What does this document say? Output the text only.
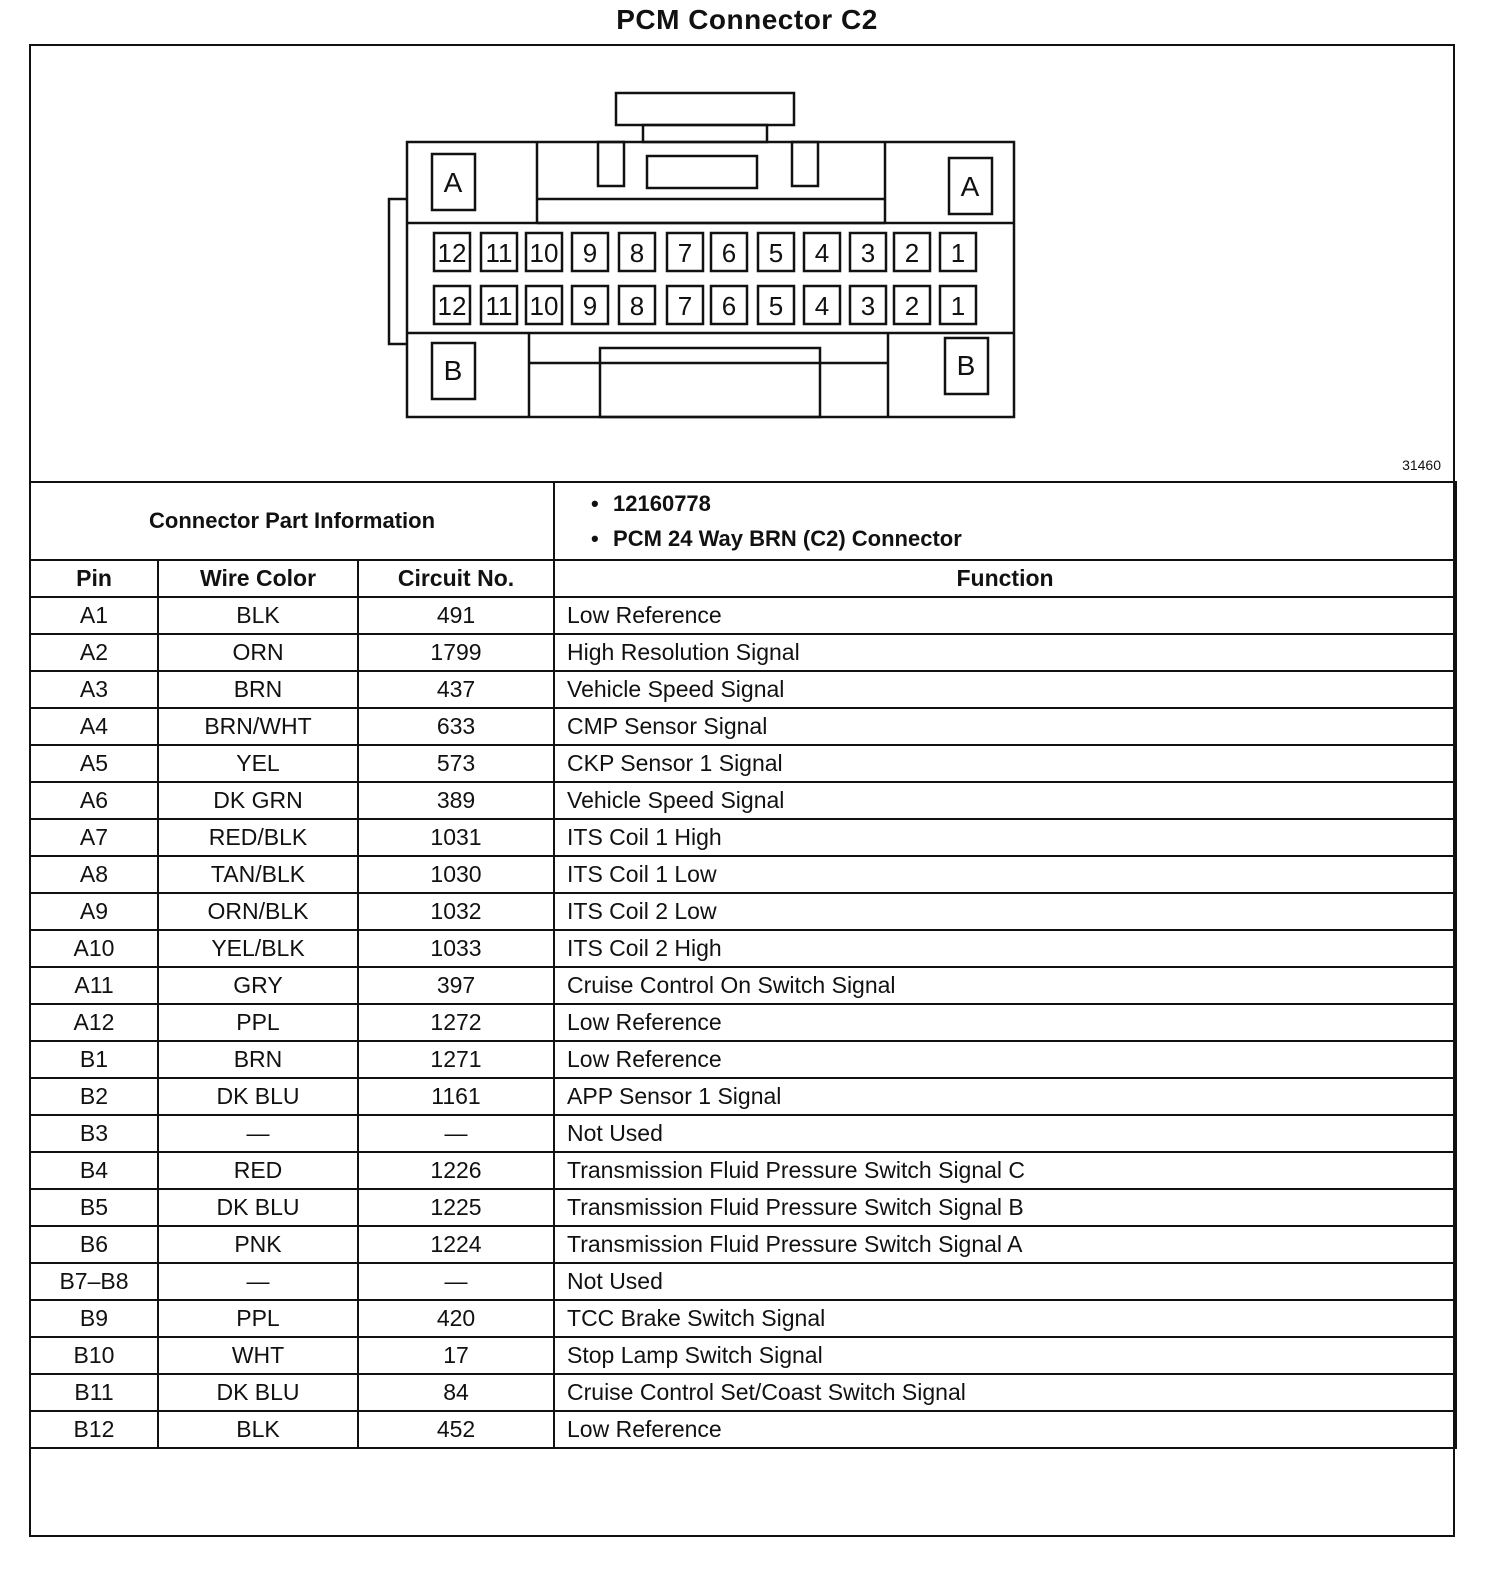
PCM Connector C2
A	A
B	B
12 11 10 9 8 7 6 5 4 3 2 1
12 11 10 9 8 7 6 5 4 3 2 1
31460
Connector Part Information			• 12160778
• PCM 24 Way BRN (C2) Connector

Pin	Wire Color	Circuit No.	Function
A1	BLK	491	Low Reference
A2	ORN	1799	High Resolution Signal
A3	BRN	437	Vehicle Speed Signal
A4	BRN/WHT	633	CMP Sensor Signal
A5	YEL	573	CKP Sensor 1 Signal
A6	DK GRN	389	Vehicle Speed Signal
A7	RED/BLK	1031	ITS Coil 1 High
A8	TAN/BLK	1030	ITS Coil 1 Low
A9	ORN/BLK	1032	ITS Coil 2 Low
A10	YEL/BLK	1033	ITS Coil 2 High
A11	GRY	397	Cruise Control On Switch Signal
A12	PPL	1272	Low Reference
B1	BRN	1271	Low Reference
B2	DK BLU	1161	APP Sensor 1 Signal
B3	—	—	Not Used
B4	RED	1226	Transmission Fluid Pressure Switch Signal C
B5	DK BLU	1225	Transmission Fluid Pressure Switch Signal B
B6	PNK	1224	Transmission Fluid Pressure Switch Signal A
B7–B8	—	—	Not Used
B9	PPL	420	TCC Brake Switch Signal
B10	WHT	17	Stop Lamp Switch Signal
B11	DK BLU	84	Cruise Control Set/Coast Switch Signal
B12	BLK	452	Low Reference
